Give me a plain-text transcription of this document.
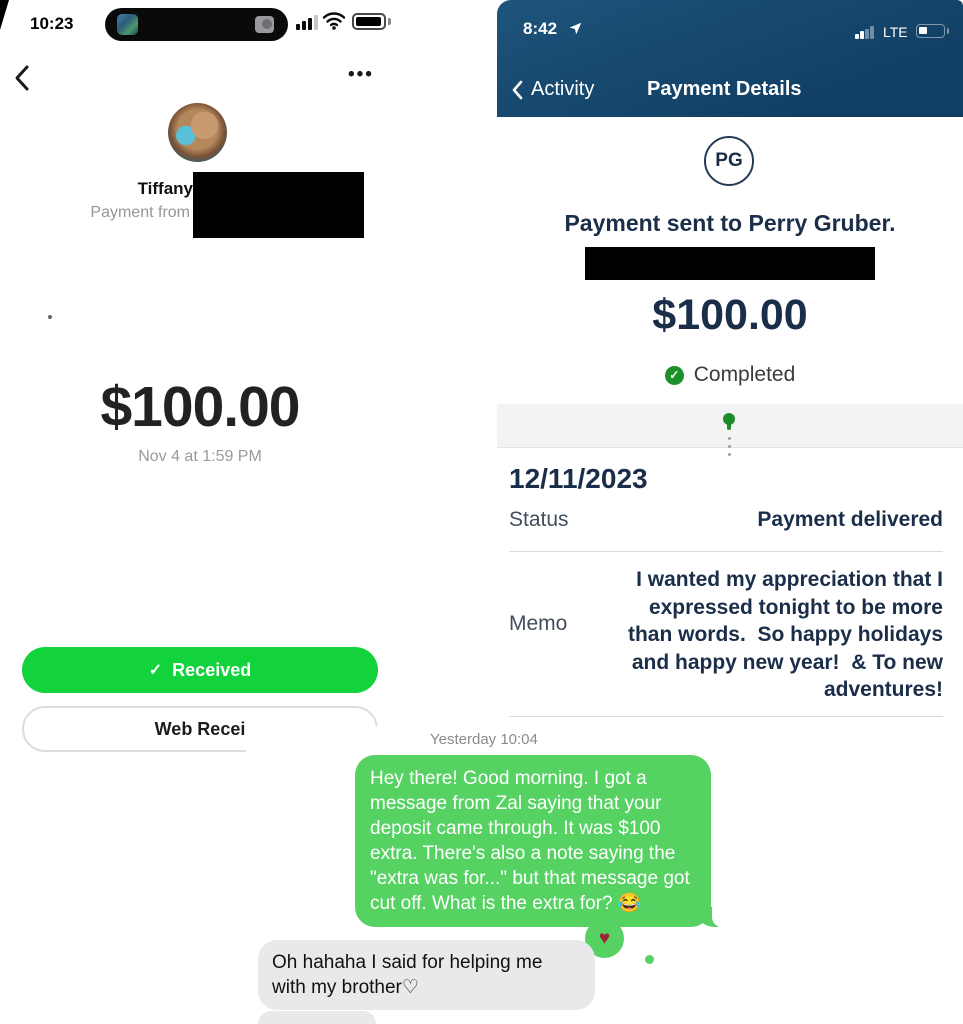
10:23
•••
Tiffany
Payment from
$100.00
Nov 4 at 1:59 PM
✓ Received
Web Recei
8:42	LTE
Activity	Payment Details
PG
Payment sent to Perry Gruber.
$100.00
✓ Completed
12/11/2023
Status	Payment delivered
Memo
I wanted my appreciation that I expressed tonight to be more than words.  So happy holidays and happy new year!  & To new adventures!
Yesterday 10:04
Hey there! Good morning. I got a message from Zal saying that your deposit came through. It was $100 extra. There's also a note saying the "extra was for..." but that message got cut off. What is the extra for? 😂
♥
Oh hahaha I said for helping me with my brother♡
